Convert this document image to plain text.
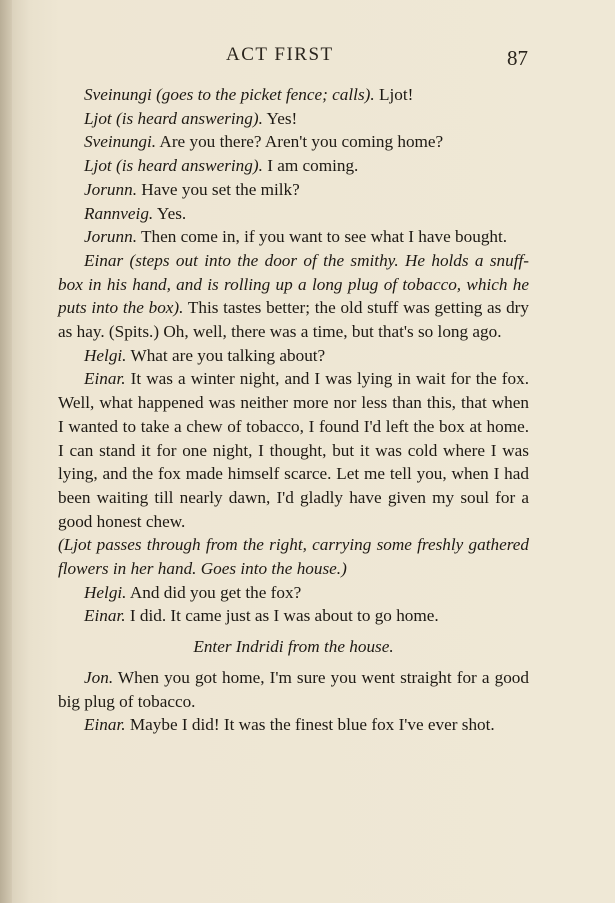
ACT FIRST	87

Sveinungi (goes to the picket fence; calls). Ljot!

Ljot (is heard answering). Yes!

Sveinungi. Are you there? Aren't you coming home?

Ljot (is heard answering). I am coming.

Jorunn. Have you set the milk?

Rannveig. Yes.

Jorunn. Then come in, if you want to see what I have bought.

Einar (steps out into the door of the smithy. He holds a snuff-box in his hand, and is rolling up a long plug of tobacco, which he puts into the box). This tastes better; the old stuff was getting as dry as hay. (Spits.) Oh, well, there was a time, but that's so long ago.

Helgi. What are you talking about?

Einar. It was a winter night, and I was lying in wait for the fox. Well, what happened was neither more nor less than this, that when I wanted to take a chew of tobacco, I found I'd left the box at home. I can stand it for one night, I thought, but it was cold where I was lying, and the fox made himself scarce. Let me tell you, when I had been waiting till nearly dawn, I'd gladly have given my soul for a good honest chew.

(Ljot passes through from the right, carrying some freshly gathered flowers in her hand. Goes into the house.)

Helgi. And did you get the fox?

Einar. I did. It came just as I was about to go home.

Enter Indridi from the house.

Jon. When you got home, I'm sure you went straight for a good big plug of tobacco.

Einar. Maybe I did! It was the finest blue fox I've ever shot.
